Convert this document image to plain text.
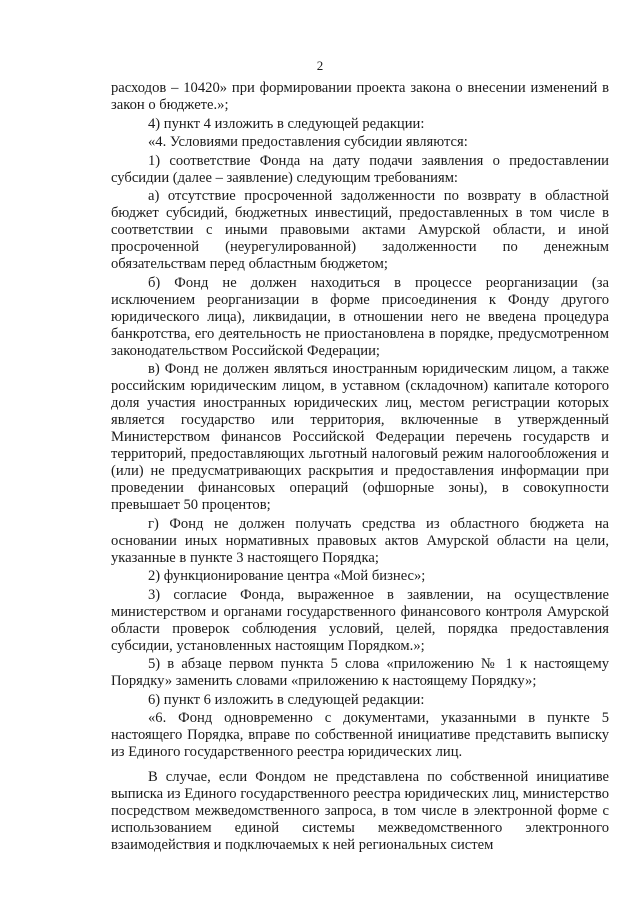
2

расходов – 10420» при формировании проекта закона о внесении изменений в закон о бюджете.»;

4) пункт 4 изложить в следующей редакции:

«4. Условиями предоставления субсидии являются:

1) соответствие Фонда на дату подачи заявления о предоставлении субсидии (далее – заявление) следующим требованиям:

а) отсутствие просроченной задолженности по возврату в областной бюджет субсидий, бюджетных инвестиций, предоставленных в том числе в соответствии с иными правовыми актами Амурской области, и иной просроченной (неурегулированной) задолженности по денежным обязательствам перед областным бюджетом;

б) Фонд не должен находиться в процессе реорганизации (за исключением реорганизации в форме присоединения к Фонду другого юридического лица), ликвидации, в отношении него не введена процедура банкротства, его деятельность не приостановлена в порядке, предусмотренном законодательством Российской Федерации;

в) Фонд не должен являться иностранным юридическим лицом, а также российским юридическим лицом, в уставном (складочном) капитале которого доля участия иностранных юридических лиц, местом регистрации которых является государство или территория, включенные в утвержденный Министерством финансов Российской Федерации перечень государств и территорий, предоставляющих льготный налоговый режим налогообложения и (или) не предусматривающих раскрытия и предоставления информации при проведении финансовых операций (офшорные зоны), в совокупности превышает 50 процентов;

г) Фонд не должен получать средства из областного бюджета на основании иных нормативных правовых актов Амурской области на цели, указанные в пункте 3 настоящего Порядка;

2) функционирование центра «Мой бизнес»;

3) согласие Фонда, выраженное в заявлении, на осуществление министерством и органами государственного финансового контроля Амурской области проверок соблюдения условий, целей, порядка предоставления субсидии, установленных настоящим Порядком.»;

5) в абзаце первом пункта 5 слова «приложению № 1 к настоящему Порядку» заменить словами «приложению к настоящему Порядку»;

6) пункт 6 изложить в следующей редакции:

«6. Фонд одновременно с документами, указанными в пункте 5 настоящего Порядка, вправе по собственной инициативе представить выписку из Единого государственного реестра юридических лиц.

В случае, если Фондом не представлена по собственной инициативе выписка из Единого государственного реестра юридических лиц, министерство посредством межведомственного запроса, в том числе в электронной форме с использованием единой системы межведомственного электронного взаимодействия и подключаемых к ней региональных систем
